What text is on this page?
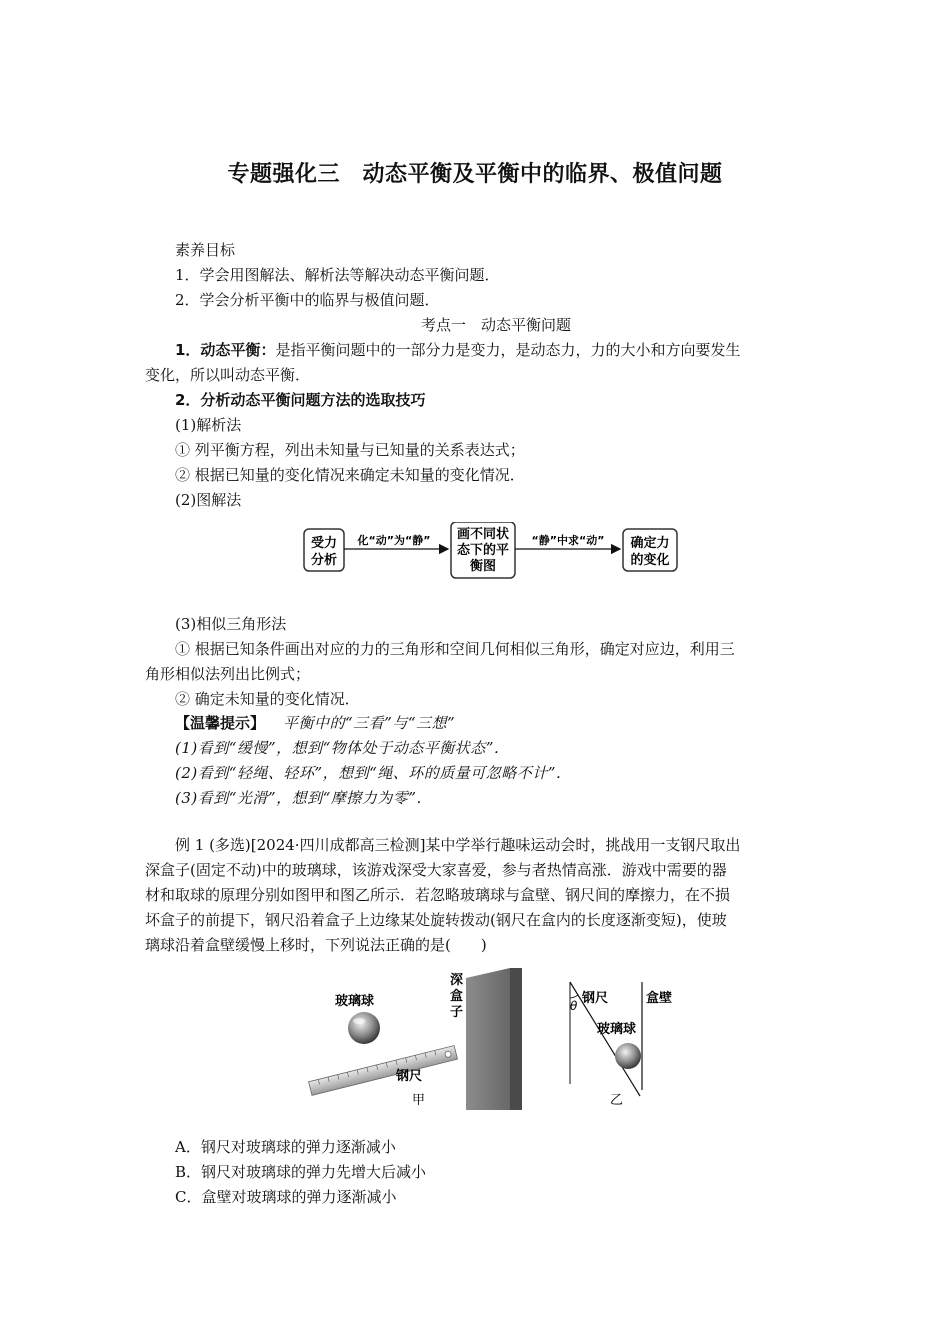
专题强化三　动态平衡及平衡中的临界、极值问题
素养目标
1．学会用图解法、解析法等解决动态平衡问题．
2．学会分析平衡中的临界与极值问题．
考点一　动态平衡问题
1．动态平衡：是指平衡问题中的一部分力是变力，是动态力，力的大小和方向要发生
变化，所以叫动态平衡．
2．分析动态平衡问题方法的选取技巧
(1)解析法
① 列平衡方程，列出未知量与已知量的关系表达式；
② 根据已知量的变化情况来确定未知量的变化情况．
(2)图解法
受力
分析
化“动”为“静” 画不同状
态下的平
衡图
“静”中求“动” 确定力
的变化
(3)相似三角形法
① 根据已知条件画出对应的力的三角形和空间几何相似三角形，确定对应边，利用三
角形相似法列出比例式；
② 确定未知量的变化情况．
【温馨提示】 平衡中的“三看”与“三想”
(1)看到“缓慢”，想到“物体处于动态平衡状态”．
(2)看到“轻绳、轻环”，想到“绳、环的质量可忽略不计”．
(3)看到“光滑”，想到“摩擦力为零”．
例 1 (多选)[2024·四川成都高三检测]某中学举行趣味运动会时，挑战用一支钢尺取出
深盒子(固定不动)中的玻璃球，该游戏深受大家喜爱，参与者热情高涨．游戏中需要的器
材和取球的原理分别如图甲和图乙所示．若忽略玻璃球与盒壁、钢尺间的摩擦力，在不损
坏盒子的前提下，钢尺沿着盒子上边缘某处旋转拨动(钢尺在盒内的长度逐渐变短)，使玻
璃球沿着盒壁缓慢上移时，下列说法正确的是(　　)
玻璃球
钢尺
深
盒
子
甲
θ 钢尺	盒壁
玻璃球
乙
A．钢尺对玻璃球的弹力逐渐减小
B．钢尺对玻璃球的弹力先增大后减小
C．盒壁对玻璃球的弹力逐渐减小
